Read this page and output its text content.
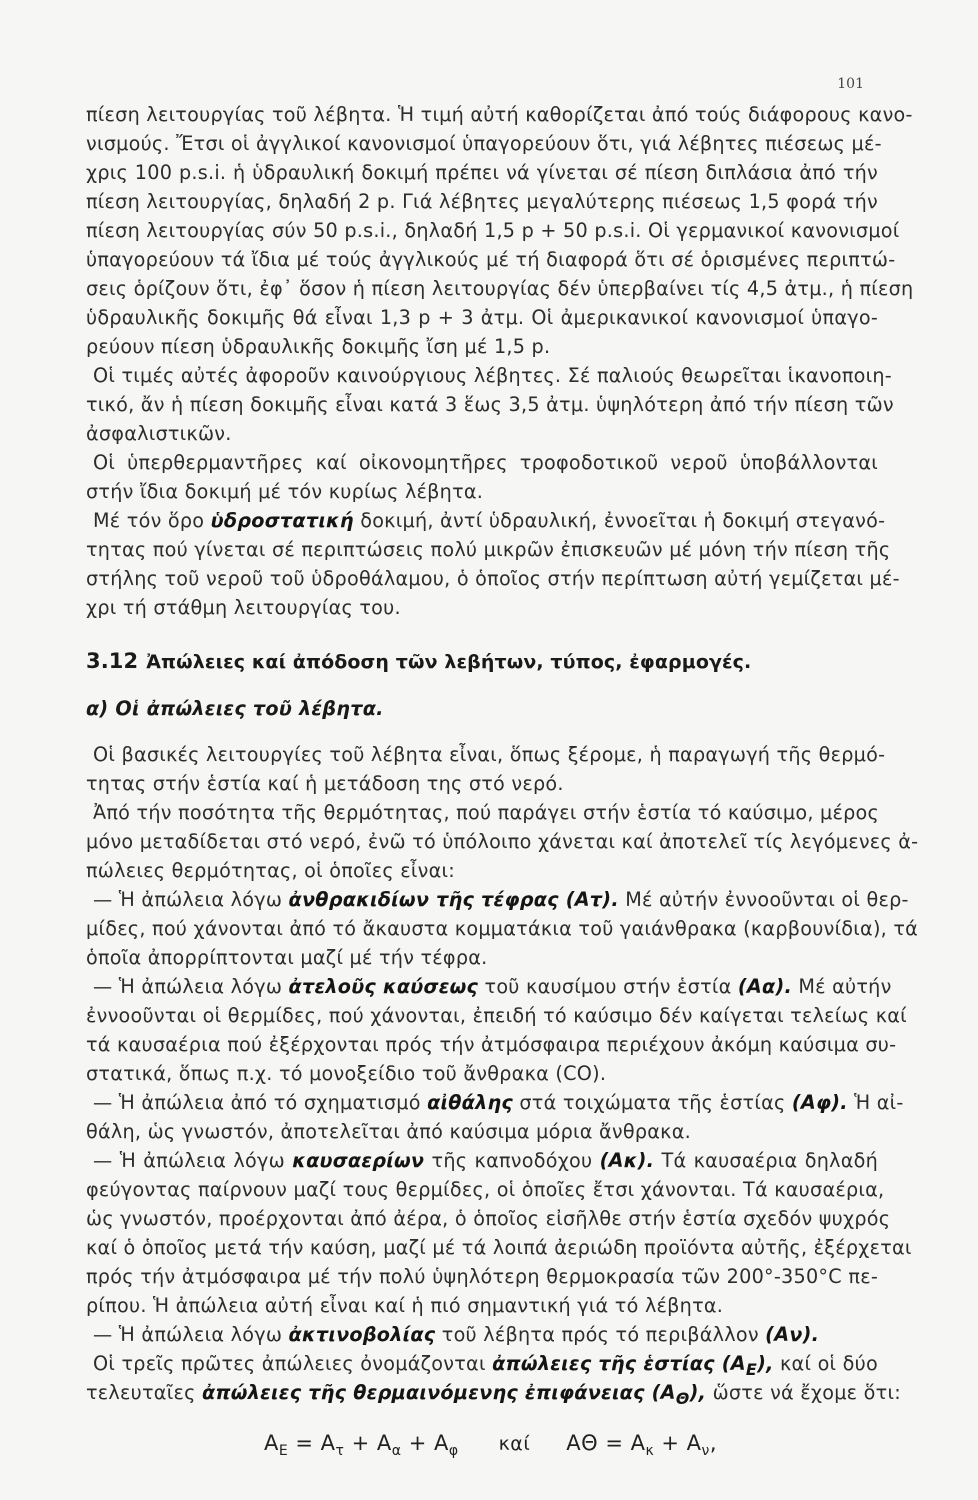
101
πίεση λειτουργίας τοῦ λέβητα. Ἡ τιμή αὐτή καθορίζεται ἀπό τούς διάφορους κανο-
νισμούς. Ἔτσι οἱ ἀγγλικοί κανονισμοί ὑπαγορεύουν ὅτι, γιά λέβητες πιέσεως μέ-
χρις 100 p.s.i. ἡ ὑδραυλική δοκιμή πρέπει νά γίνεται σέ πίεση διπλάσια ἀπό τήν
πίεση λειτουργίας, δηλαδή 2 p. Γιά λέβητες μεγαλύτερης πιέσεως 1,5 φορά τήν
πίεση λειτουργίας σύν 50 p.s.i., δηλαδή 1,5 p + 50 p.s.i. Οἱ γερμανικοί κανονισμοί
ὑπαγορεύουν τά ἴδια μέ τούς ἀγγλικούς μέ τή διαφορά ὅτι σέ ὁρισμένες περιπτώ-
σεις ὁρίζουν ὅτι, ἐφ᾽ ὅσον ἡ πίεση λειτουργίας δέν ὑπερβαίνει τίς 4,5 ἀτμ., ἡ πίεση
ὑδραυλικῆς δοκιμῆς θά εἶναι 1,3 p + 3 ἀτμ. Οἱ ἀμερικανικοί κανονισμοί ὑπαγο-
ρεύουν πίεση ὑδραυλικῆς δοκιμῆς ἴση μέ 1,5 p.
Οἱ τιμές αὐτές ἀφοροῦν καινούργιους λέβητες. Σέ παλιούς θεωρεῖται ἱκανοποιη-
τικό, ἄν ἡ πίεση δοκιμῆς εἶναι κατά 3 ἕως 3,5 ἀτμ. ὑψηλότερη ἀπό τήν πίεση τῶν
ἀσφαλιστικῶν.
Οἱ ὑπερθερμαντῆρες καί οἰκονομητῆρες τροφοδοτικοῦ νεροῦ ὑποβάλλονται
στήν ἴδια δοκιμή μέ τόν κυρίως λέβητα.
Μέ τόν ὅρο ὑδροστατική δοκιμή, ἀντί ὑδραυλική, ἐννοεῖται ἡ δοκιμή στεγανό-
τητας πού γίνεται σέ περιπτώσεις πολύ μικρῶν ἐπισκευῶν μέ μόνη τήν πίεση τῆς
στήλης τοῦ νεροῦ τοῦ ὑδροθάλαμου, ὁ ὁποῖος στήν περίπτωση αὐτή γεμίζεται μέ-
χρι τή στάθμη λειτουργίας του.
3.12 Ἀπώλειες καί ἀπόδοση τῶν λεβήτων, τύπος, ἐφαρμογές.
α) Οἱ ἀπώλειες τοῦ λέβητα.
Οἱ βασικές λειτουργίες τοῦ λέβητα εἶναι, ὅπως ξέρομε, ἡ παραγωγή τῆς θερμό-
τητας στήν ἑστία καί ἡ μετάδοση της στό νερό.
Ἀπό τήν ποσότητα τῆς θερμότητας, πού παράγει στήν ἑστία τό καύσιμο, μέρος
μόνο μεταδίδεται στό νερό, ἐνῶ τό ὑπόλοιπο χάνεται καί ἀποτελεῖ τίς λεγόμενες ἀ-
πώλειες θερμότητας, οἱ ὁποῖες εἶναι:
— Ἡ ἀπώλεια λόγω ἀνθρακιδίων τῆς τέφρας (Ατ). Μέ αὐτήν ἐννοοῦνται οἱ θερ-
μίδες, πού χάνονται ἀπό τό ἄκαυστα κομματάκια τοῦ γαιάνθρακα (καρβουνίδια), τά
ὁποῖα ἀπορρίπτονται μαζί μέ τήν τέφρα.
— Ἡ ἀπώλεια λόγω ἀτελοῦς καύσεως τοῦ καυσίμου στήν ἑστία (Αα). Μέ αὐτήν
ἐννοοῦνται οἱ θερμίδες, πού χάνονται, ἐπειδή τό καύσιμο δέν καίγεται τελείως καί
τά καυσαέρια πού ἐξέρχονται πρός τήν ἀτμόσφαιρα περιέχουν ἀκόμη καύσιμα συ-
στατικά, ὅπως π.χ. τό μονοξείδιο τοῦ ἄνθρακα (CO).
— Ἡ ἀπώλεια ἀπό τό σχηματισμό αἰθάλης στά τοιχώματα τῆς ἑστίας (Αφ). Ἡ αἰ-
θάλη, ὡς γνωστόν, ἀποτελεῖται ἀπό καύσιμα μόρια ἄνθρακα.
— Ἡ ἀπώλεια λόγω καυσαερίων τῆς καπνοδόχου (Ακ). Τά καυσαέρια δηλαδή
φεύγοντας παίρνουν μαζί τους θερμίδες, οἱ ὁποῖες ἔτσι χάνονται. Τά καυσαέρια,
ὡς γνωστόν, προέρχονται ἀπό ἀέρα, ὁ ὁποῖος εἰσῆλθε στήν ἑστία σχεδόν ψυχρός
καί ὁ ὁποῖος μετά τήν καύση, μαζί μέ τά λοιπά ἀεριώδη προϊόντα αὐτῆς, ἐξέρχεται
πρός τήν ἀτμόσφαιρα μέ τήν πολύ ὑψηλότερη θερμοκρασία τῶν 200°-350°C πε-
ρίπου. Ἡ ἀπώλεια αὐτή εἶναι καί ἡ πιό σημαντική γιά τό λέβητα.
— Ἡ ἀπώλεια λόγω ἀκτινοβολίας τοῦ λέβητα πρός τό περιβάλλον (Αν).
Οἱ τρεῖς πρῶτες ἀπώλειες ὀνομάζονται ἀπώλειες τῆς ἑστίας $(A_E)$, καί οἱ δύο
τελευταῖες ἀπώλειες τῆς θερμαινόμενης ἐπιφάνειας $(A_\Theta)$, ὥστε νά ἔχομε ὅτι:
$A_E = A_\tau + A_\alpha + A_\varphi$ καί $A\Theta = A_\kappa + A_\nu$,
